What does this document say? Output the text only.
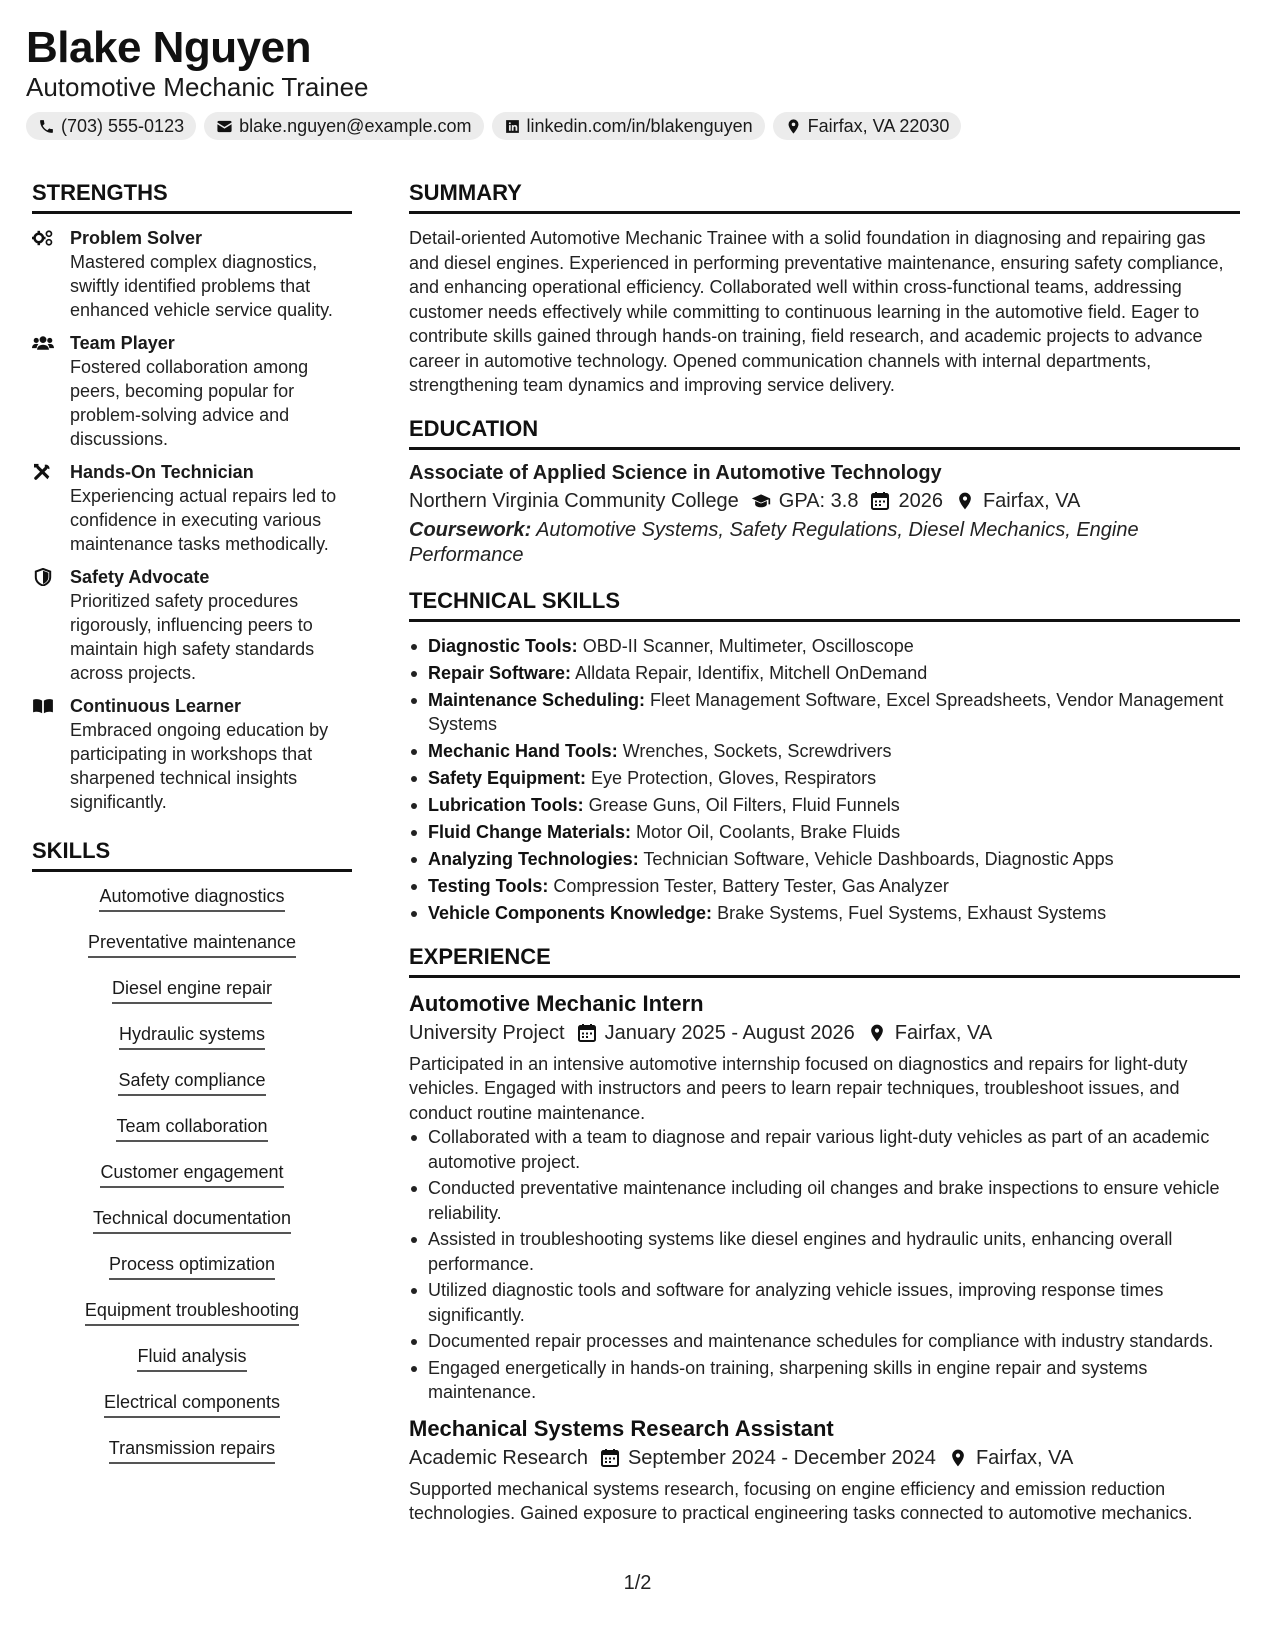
Blake Nguyen
Automotive Mechanic Trainee
(703) 555-0123	blake.nguyen@example.com	linkedin.com/in/blakenguyen	Fairfax, VA 22030
STRENGTHS
Problem Solver
Mastered complex diagnostics, swiftly identified problems that enhanced vehicle service quality.
Team Player
Fostered collaboration among peers, becoming popular for problem-solving advice and discussions.
Hands-On Technician
Experiencing actual repairs led to confidence in executing various maintenance tasks methodically.
Safety Advocate
Prioritized safety procedures rigorously, influencing peers to maintain high safety standards across projects.
Continuous Learner
Embraced ongoing education by participating in workshops that sharpened technical insights significantly.
SKILLS
Automotive diagnostics
Preventative maintenance
Diesel engine repair
Hydraulic systems
Safety compliance
Team collaboration
Customer engagement
Technical documentation
Process optimization
Equipment troubleshooting
Fluid analysis
Electrical components
Transmission repairs
SUMMARY
Detail-oriented Automotive Mechanic Trainee with a solid foundation in diagnosing and repairing gas and diesel engines. Experienced in performing preventative maintenance, ensuring safety compliance, and enhancing operational efficiency. Collaborated well within cross-functional teams, addressing customer needs effectively while committing to continuous learning in the automotive field. Eager to contribute skills gained through hands-on training, field research, and academic projects to advance career in automotive technology. Opened communication channels with internal departments, strengthening team dynamics and improving service delivery.
EDUCATION
Associate of Applied Science in Automotive Technology
Northern Virginia Community College GPA: 3.8 2026 Fairfax, VA
Coursework: Automotive Systems, Safety Regulations, Diesel Mechanics, Engine Performance
TECHNICAL SKILLS
Diagnostic Tools: OBD-II Scanner, Multimeter, Oscilloscope
Repair Software: Alldata Repair, Identifix, Mitchell OnDemand
Maintenance Scheduling: Fleet Management Software, Excel Spreadsheets, Vendor Management Systems
Mechanic Hand Tools: Wrenches, Sockets, Screwdrivers
Safety Equipment: Eye Protection, Gloves, Respirators
Lubrication Tools: Grease Guns, Oil Filters, Fluid Funnels
Fluid Change Materials: Motor Oil, Coolants, Brake Fluids
Analyzing Technologies: Technician Software, Vehicle Dashboards, Diagnostic Apps
Testing Tools: Compression Tester, Battery Tester, Gas Analyzer
Vehicle Components Knowledge: Brake Systems, Fuel Systems, Exhaust Systems
EXPERIENCE
Automotive Mechanic Intern
University Project January 2025 - August 2026 Fairfax, VA
Participated in an intensive automotive internship focused on diagnostics and repairs for light-duty vehicles. Engaged with instructors and peers to learn repair techniques, troubleshoot issues, and conduct routine maintenance.
Collaborated with a team to diagnose and repair various light-duty vehicles as part of an academic automotive project.
Conducted preventative maintenance including oil changes and brake inspections to ensure vehicle reliability.
Assisted in troubleshooting systems like diesel engines and hydraulic units, enhancing overall performance.
Utilized diagnostic tools and software for analyzing vehicle issues, improving response times significantly.
Documented repair processes and maintenance schedules for compliance with industry standards.
Engaged energetically in hands-on training, sharpening skills in engine repair and systems maintenance.
Mechanical Systems Research Assistant
Academic Research September 2024 - December 2024 Fairfax, VA
Supported mechanical systems research, focusing on engine efficiency and emission reduction technologies. Gained exposure to practical engineering tasks connected to automotive mechanics.
1/2
